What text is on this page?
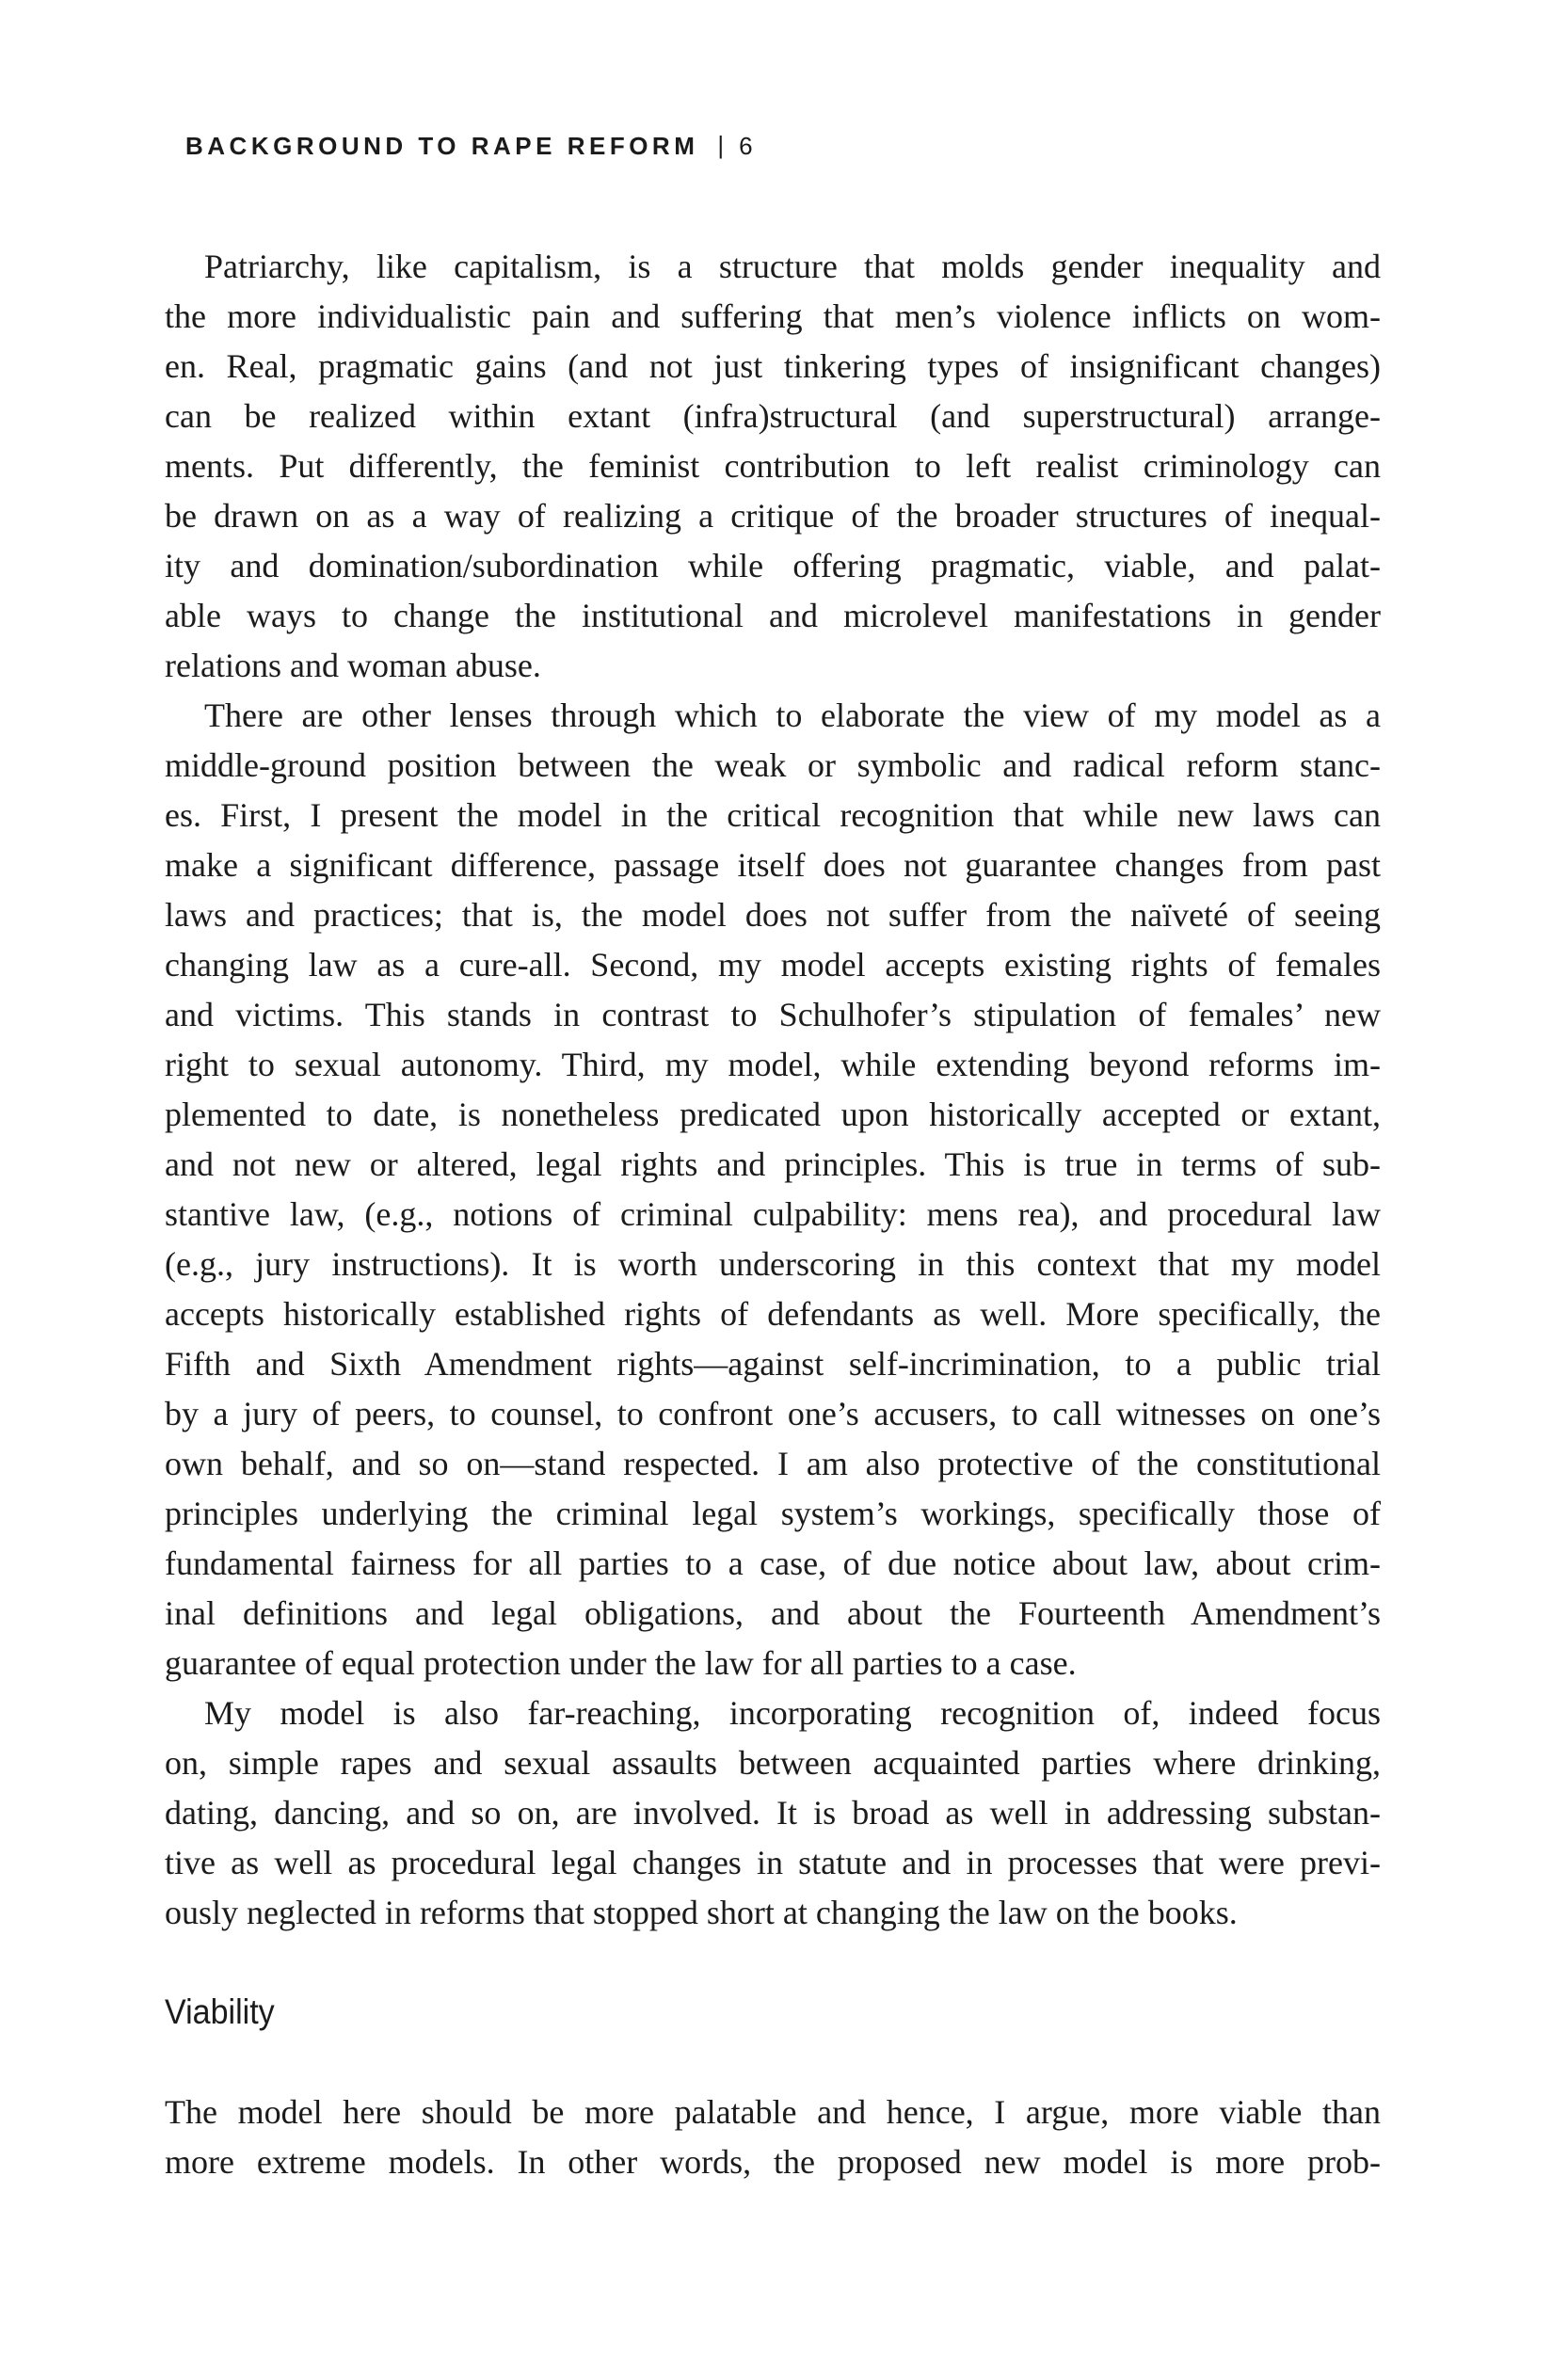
BACKGROUND TO RAPE REFORM | 6
Patriarchy, like capitalism, is a structure that molds gender inequality and
the more individualistic pain and suffering that men’s violence inflicts on wom-
en. Real, pragmatic gains (and not just tinkering types of insignificant changes)
can be realized within extant (infra)structural (and superstructural) arrange-
ments. Put differently, the feminist contribution to left realist criminology can
be drawn on as a way of realizing a critique of the broader structures of inequal-
ity and domination/subordination while offering pragmatic, viable, and palat-
able ways to change the institutional and microlevel manifestations in gender
relations and woman abuse.
There are other lenses through which to elaborate the view of my model as a
middle-ground position between the weak or symbolic and radical reform stanc-
es. First, I present the model in the critical recognition that while new laws can
make a significant difference, passage itself does not guarantee changes from past
laws and practices; that is, the model does not suffer from the naïveté of seeing
changing law as a cure-all. Second, my model accepts existing rights of females
and victims. This stands in contrast to Schulhofer’s stipulation of females’ new
right to sexual autonomy. Third, my model, while extending beyond reforms im-
plemented to date, is nonetheless predicated upon historically accepted or extant,
and not new or altered, legal rights and principles. This is true in terms of sub-
stantive law, (e.g., notions of criminal culpability: mens rea), and procedural law
(e.g., jury instructions). It is worth underscoring in this context that my model
accepts historically established rights of defendants as well. More specifically, the
Fifth and Sixth Amendment rights—against self-incrimination, to a public trial
by a jury of peers, to counsel, to confront one’s accusers, to call witnesses on one’s
own behalf, and so on—stand respected. I am also protective of the constitutional
principles underlying the criminal legal system’s workings, specifically those of
fundamental fairness for all parties to a case, of due notice about law, about crim-
inal definitions and legal obligations, and about the Fourteenth Amendment’s
guarantee of equal protection under the law for all parties to a case.
My model is also far-reaching, incorporating recognition of, indeed focus
on, simple rapes and sexual assaults between acquainted parties where drinking,
dating, dancing, and so on, are involved. It is broad as well in addressing substan-
tive as well as procedural legal changes in statute and in processes that were previ-
ously neglected in reforms that stopped short at changing the law on the books.
Viability
The model here should be more palatable and hence, I argue, more viable than
more extreme models. In other words, the proposed new model is more prob-
